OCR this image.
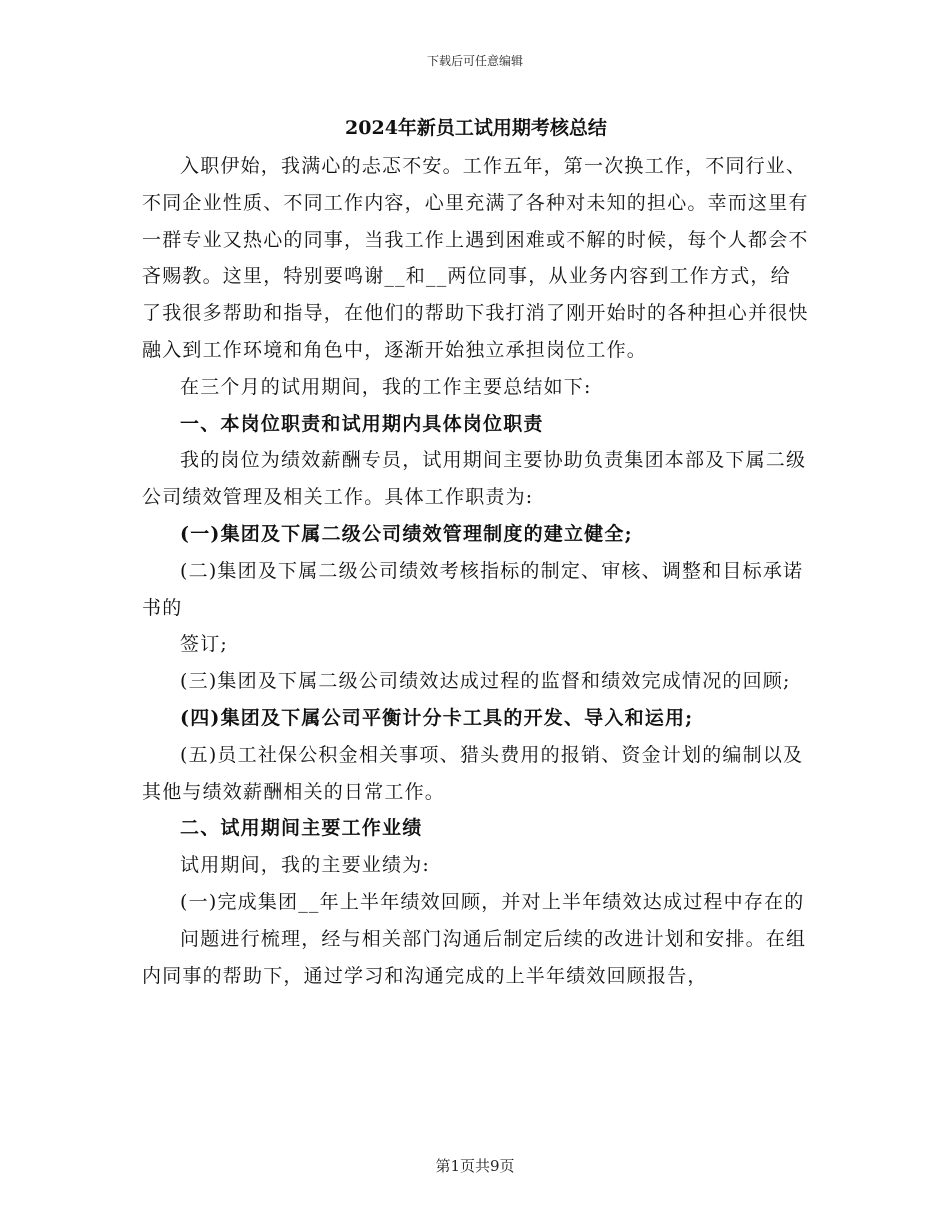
下载后可任意编辑
2024年新员工试用期考核总结

入职伊始，我满心的忐忑不安。工作五年，第一次换工作，不同行业、不同企业性质、不同工作内容，心里充满了各种对未知的担心。幸而这里有一群专业又热心的同事，当我工作上遇到困难或不解的时候，每个人都会不吝赐教。这里，特别要鸣谢__和__两位同事，从业务内容到工作方式，给了我很多帮助和指导，在他们的帮助下我打消了刚开始时的各种担心并很快融入到工作环境和角色中，逐渐开始独立承担岗位工作。

在三个月的试用期间，我的工作主要总结如下:

一、本岗位职责和试用期内具体岗位职责

我的岗位为绩效薪酬专员，试用期间主要协助负责集团本部及下属二级公司绩效管理及相关工作。具体工作职责为:

(一)集团及下属二级公司绩效管理制度的建立健全;

(二)集团及下属二级公司绩效考核指标的制定、审核、调整和目标承诺书的

签订;

(三)集团及下属二级公司绩效达成过程的监督和绩效完成情况的回顾;

(四)集团及下属公司平衡计分卡工具的开发、导入和运用;

(五)员工社保公积金相关事项、猎头费用的报销、资金计划的编制以及其他与绩效薪酬相关的日常工作。

二、试用期间主要工作业绩

试用期间，我的主要业绩为:

(一)完成集团__年上半年绩效回顾，并对上半年绩效达成过程中存在的

问题进行梳理，经与相关部门沟通后制定后续的改进计划和安排。在组内同事的帮助下，通过学习和沟通完成的上半年绩效回顾报告，

第1页共9页
